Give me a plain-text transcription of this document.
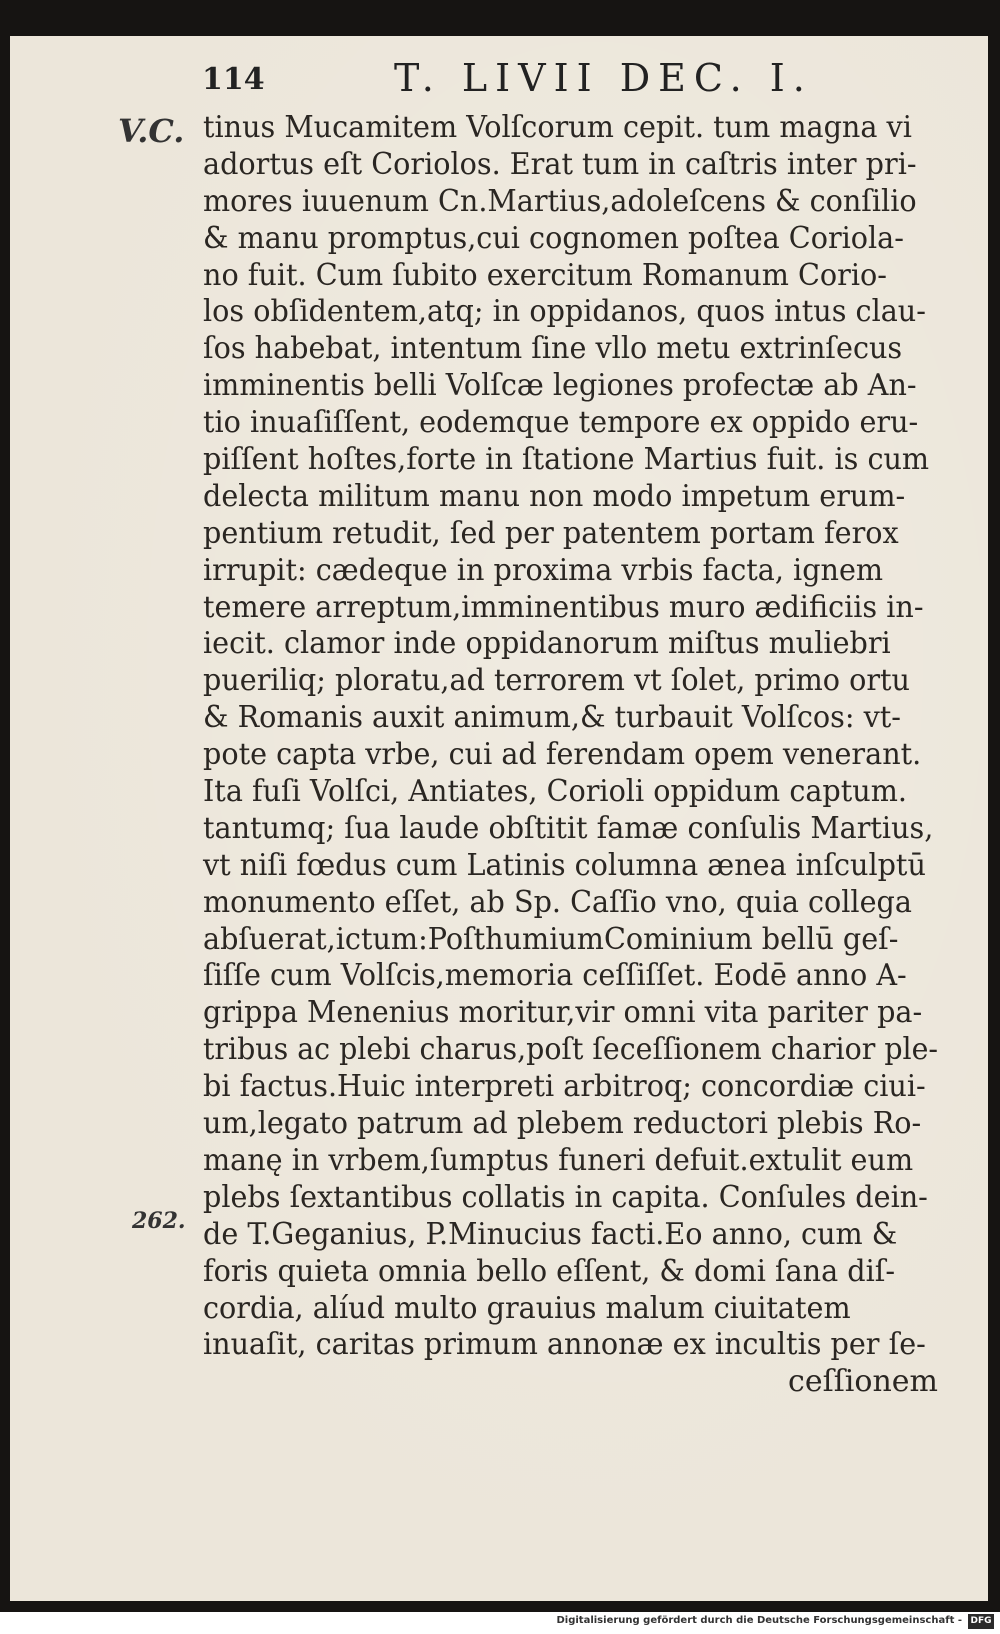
114	T. LIVII DEC. I.
V.C.
262.
tinus Mucamitem Volſcorum cepit. tum magna vi
adortus eſt Coriolos. Erat tum in caſtris inter pri-
mores iuuenum Cn.Martius,adoleſcens & conſilio
& manu promptus,cui cognomen poſtea Coriola-
no fuit. Cum ſubito exercitum Romanum Corio-
los obſidentem,atq; in oppidanos, quos intus clau-
ſos habebat, intentum ſine vllo metu extrinſecus
imminentis belli Volſcæ legiones profectæ ab An-
tio inuaſiſſent, eodemque tempore ex oppido eru-
piſſent hoſtes,forte in ſtatione Martius fuit. is cum
delecta militum manu non modo impetum erum-
pentium retudit, ſed per patentem portam ferox
irrupit: cædeque in proxima vrbis facta, ignem
temere arreptum,imminentibus muro ædificiis in-
iecit. clamor inde oppidanorum miſtus muliebri
pueriliq; ploratu,ad terrorem vt ſolet, primo ortu
& Romanis auxit animum,& turbauit Volſcos: vt-
pote capta vrbe, cui ad ferendam opem venerant.
Ita fuſi Volſci, Antiates, Corioli oppidum captum.
tantumq; ſua laude obſtitit famæ conſulis Martius,
vt niſi fœdus cum Latinis columna ænea inſculptū
monumento eſſet, ab Sp. Caſſio vno, quia collega
abſuerat,ictum:PoſthumiumCominium bellū geſ-
ſiſſe cum Volſcis,memoria ceſſiſſet. Eodē anno A-
grippa Menenius moritur,vir omni vita pariter pa-
tribus ac plebi charus,poſt ſeceſſionem charior ple-
bi factus.Huic interpreti arbitroq; concordiæ ciui-
um,legato patrum ad plebem reductori plebis Ro-
manę in vrbem,ſumptus funeri defuit.extulit eum
plebs ſextantibus collatis in capita. Conſules dein-
de T.Geganius, P.Minucius facti.Eo anno, cum &
foris quieta omnia bello eſſent, & domi ſana diſ-
cordia, alíud multo grauius malum ciuitatem
inuaſit, caritas primum annonæ ex incultis per ſe-
ceſſionem
Digitalisierung gefördert durch die Deutsche Forschungsgemeinschaft - DFG
